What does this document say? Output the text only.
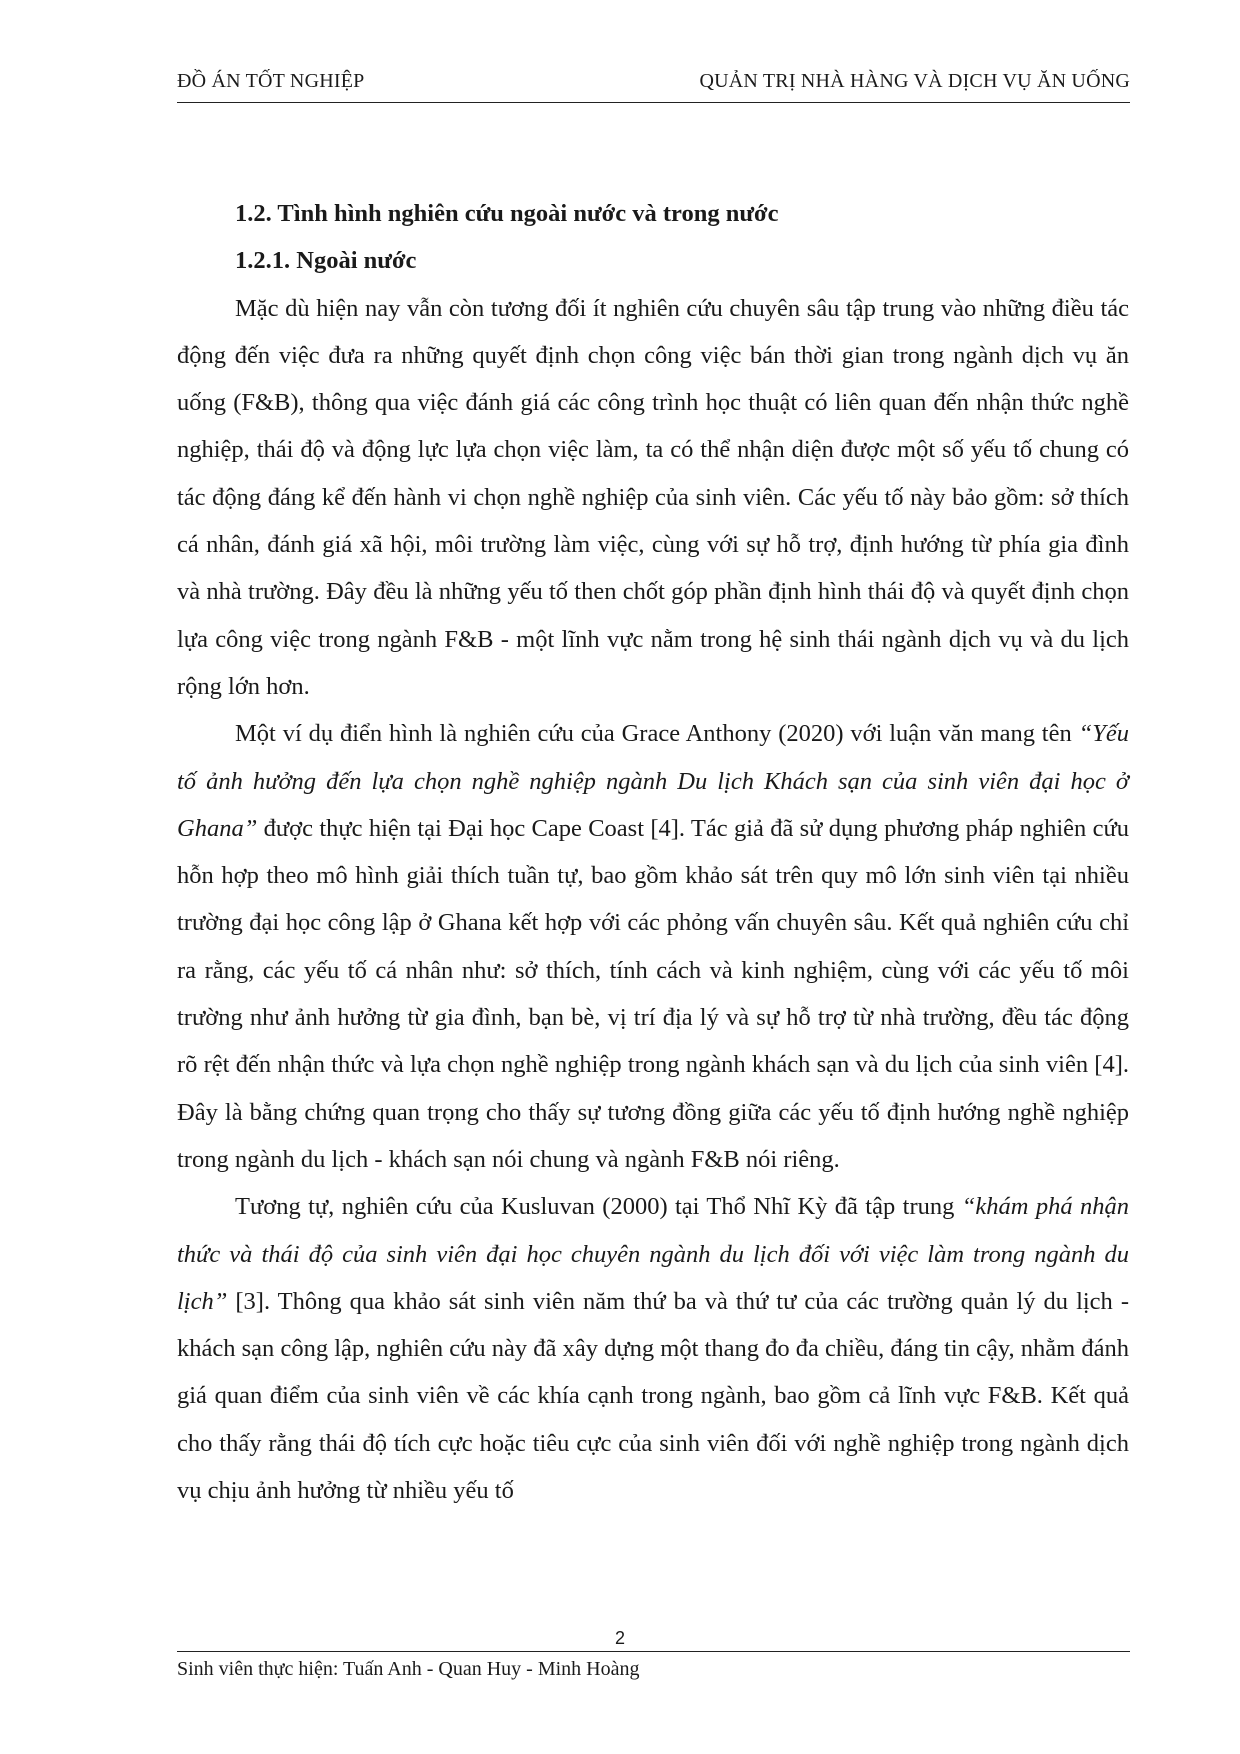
ĐỒ ÁN TỐT NGHIỆP	QUẢN TRỊ NHÀ HÀNG VÀ DỊCH VỤ ĂN UỐNG

1.2. Tình hình nghiên cứu ngoài nước và trong nước

1.2.1. Ngoài nước

Mặc dù hiện nay vẫn còn tương đối ít nghiên cứu chuyên sâu tập trung vào những điều tác động đến việc đưa ra những quyết định chọn công việc bán thời gian trong ngành dịch vụ ăn uống (F&B), thông qua việc đánh giá các công trình học thuật có liên quan đến nhận thức nghề nghiệp, thái độ và động lực lựa chọn việc làm, ta có thể nhận diện được một số yếu tố chung có tác động đáng kể đến hành vi chọn nghề nghiệp của sinh viên. Các yếu tố này bảo gồm: sở thích cá nhân, đánh giá xã hội, môi trường làm việc, cùng với sự hỗ trợ, định hướng từ phía gia đình và nhà trường. Đây đều là những yếu tố then chốt góp phần định hình thái độ và quyết định chọn lựa công việc trong ngành F&B - một lĩnh vực nằm trong hệ sinh thái ngành dịch vụ và du lịch rộng lớn hơn.

Một ví dụ điển hình là nghiên cứu của Grace Anthony (2020) với luận văn mang tên “Yếu tố ảnh hưởng đến lựa chọn nghề nghiệp ngành Du lịch Khách sạn của sinh viên đại học ở Ghana” được thực hiện tại Đại học Cape Coast [4]. Tác giả đã sử dụng phương pháp nghiên cứu hỗn hợp theo mô hình giải thích tuần tự, bao gồm khảo sát trên quy mô lớn sinh viên tại nhiều trường đại học công lập ở Ghana kết hợp với các phỏng vấn chuyên sâu. Kết quả nghiên cứu chỉ ra rằng, các yếu tố cá nhân như: sở thích, tính cách và kinh nghiệm, cùng với các yếu tố môi trường như ảnh hưởng từ gia đình, bạn bè, vị trí địa lý và sự hỗ trợ từ nhà trường, đều tác động rõ rệt đến nhận thức và lựa chọn nghề nghiệp trong ngành khách sạn và du lịch của sinh viên [4]. Đây là bằng chứng quan trọng cho thấy sự tương đồng giữa các yếu tố định hướng nghề nghiệp trong ngành du lịch - khách sạn nói chung và ngành F&B nói riêng.

Tương tự, nghiên cứu của Kusluvan (2000) tại Thổ Nhĩ Kỳ đã tập trung “khám phá nhận thức và thái độ của sinh viên đại học chuyên ngành du lịch đối với việc làm trong ngành du lịch” [3]. Thông qua khảo sát sinh viên năm thứ ba và thứ tư của các trường quản lý du lịch - khách sạn công lập, nghiên cứu này đã xây dựng một thang đo đa chiều, đáng tin cậy, nhằm đánh giá quan điểm của sinh viên về các khía cạnh trong ngành, bao gồm cả lĩnh vực F&B. Kết quả cho thấy rằng thái độ tích cực hoặc tiêu cực của sinh viên đối với nghề nghiệp trong ngành dịch vụ chịu ảnh hưởng từ nhiều yếu tố

2
Sinh viên thực hiện: Tuấn Anh - Quan Huy - Minh Hoàng
